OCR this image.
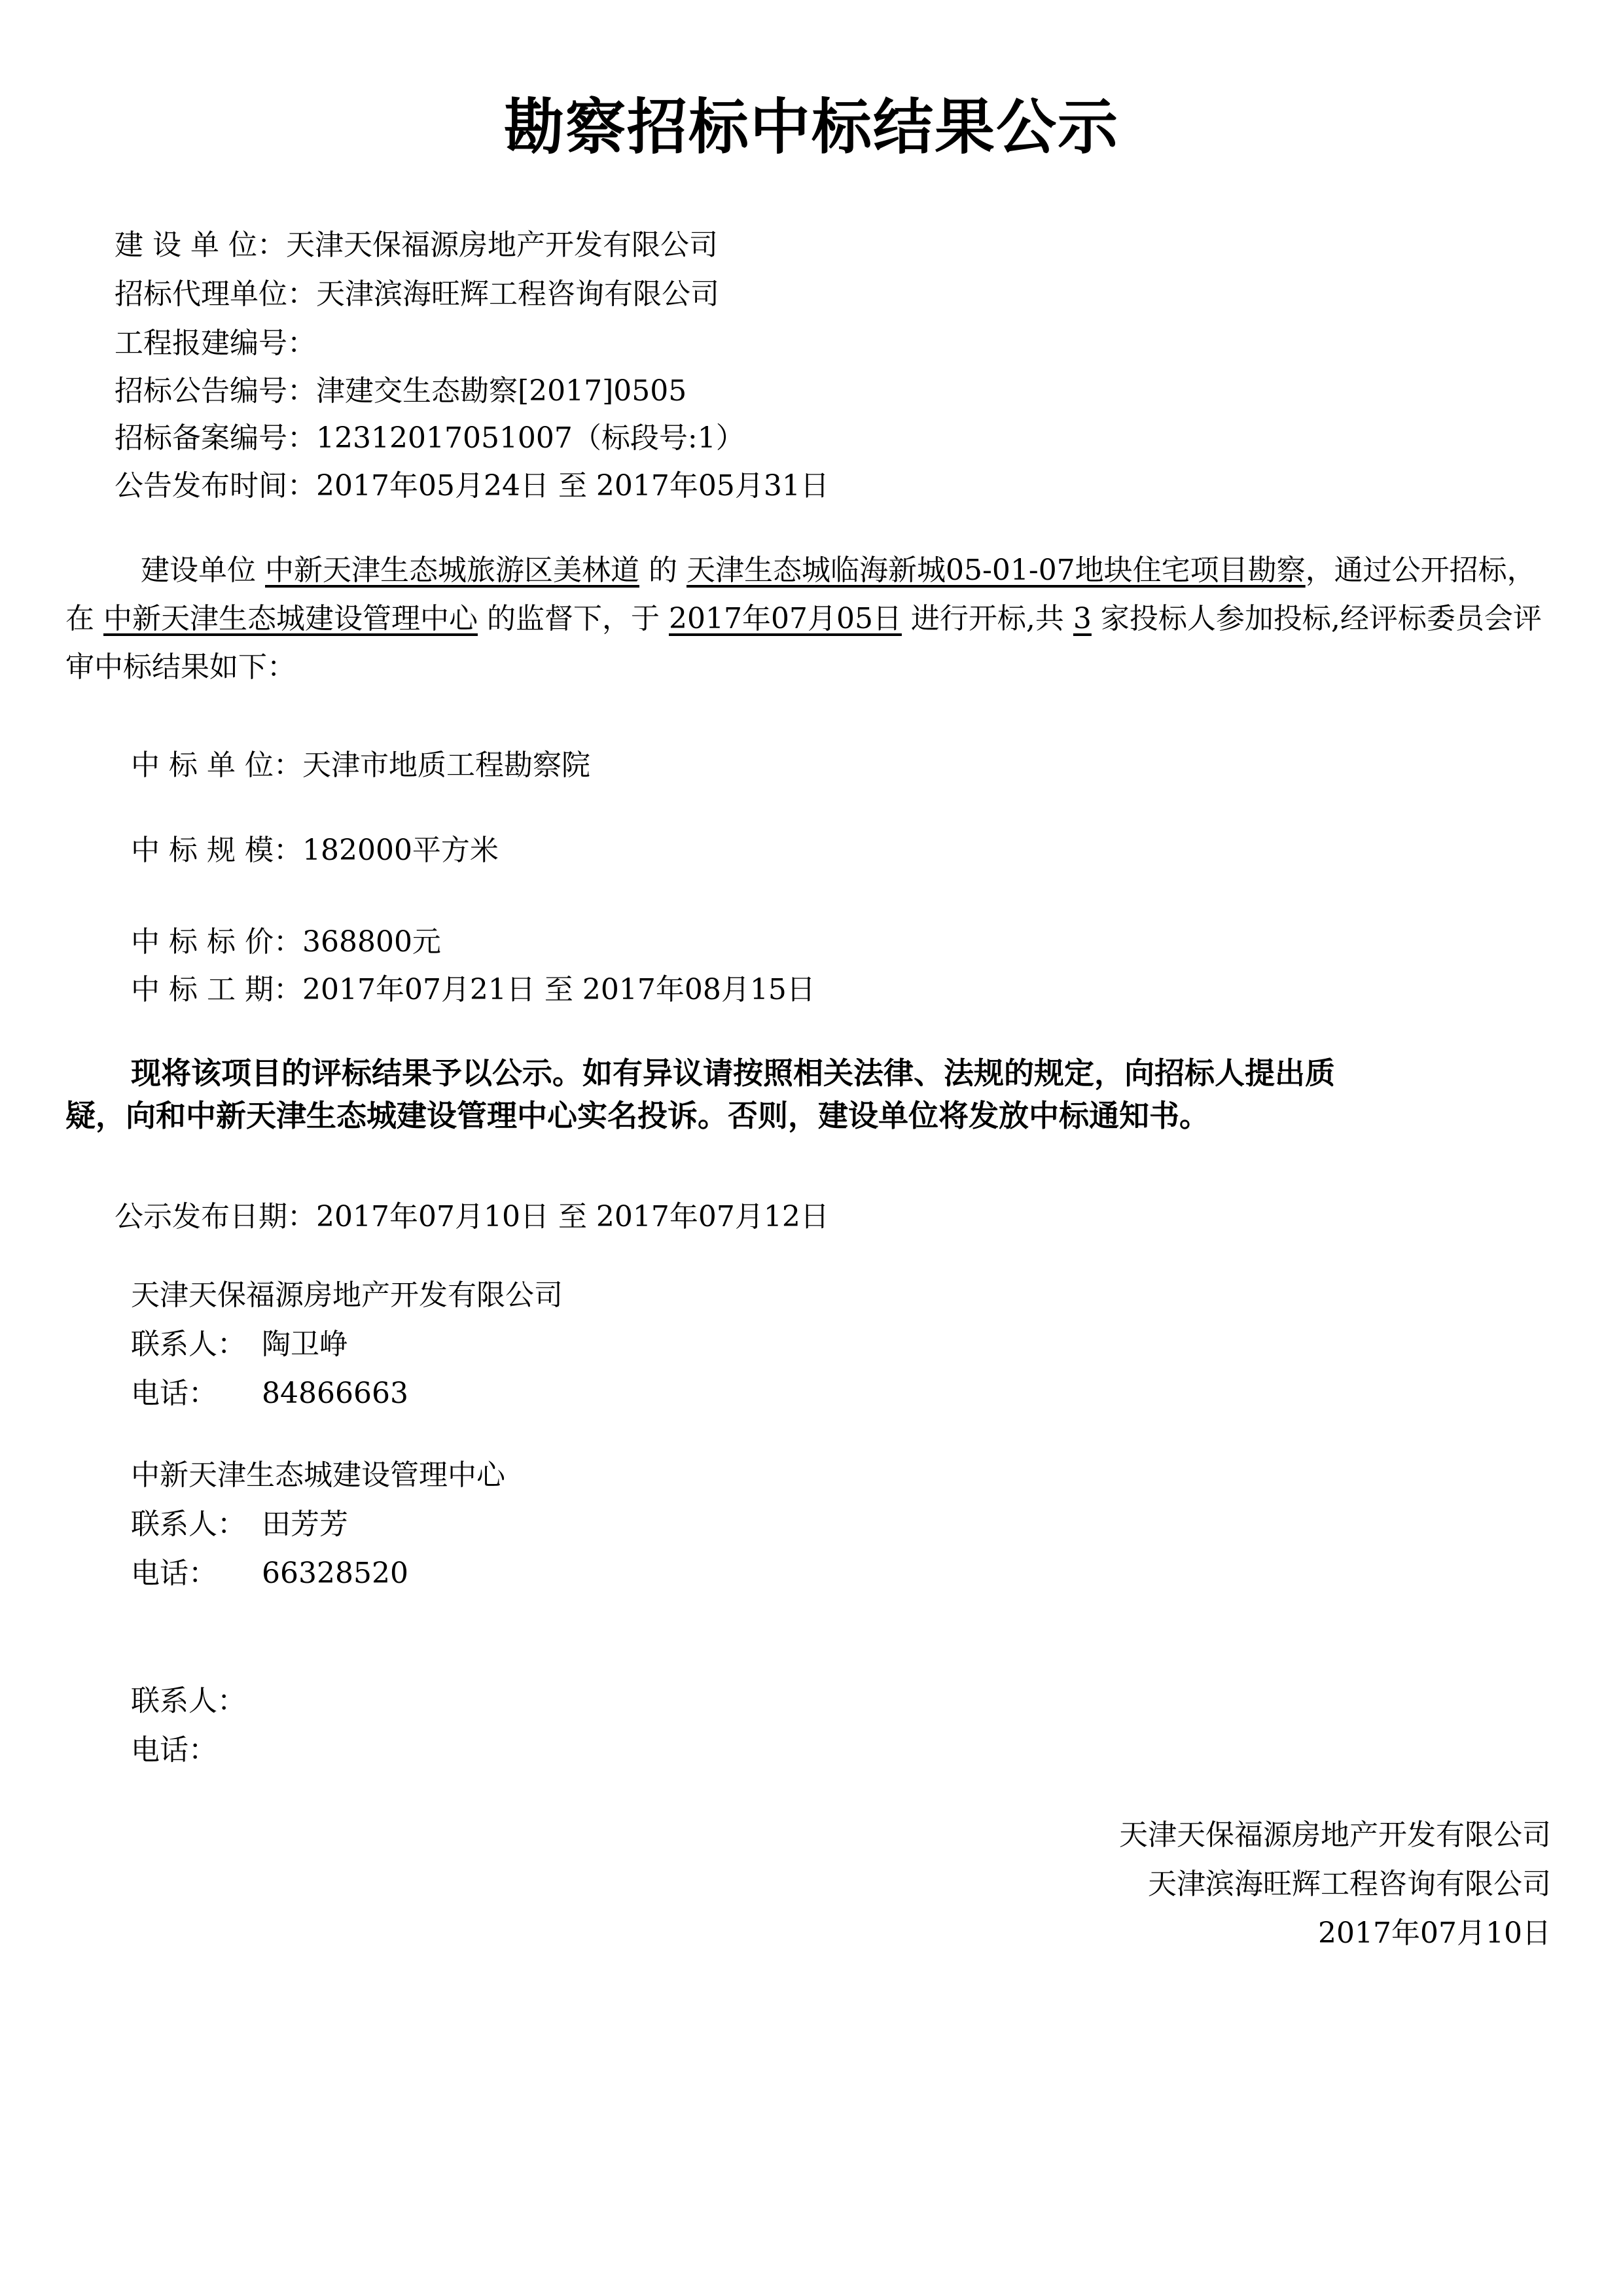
勘察招标中标结果公示
建 设 单 位：天津天保福源房地产开发有限公司
招标代理单位：天津滨海旺辉工程咨询有限公司
工程报建编号：
招标公告编号：津建交生态勘察[2017]0505
招标备案编号：12312017051007（标段号:1）
公告发布时间：2017年05月24日 至 2017年05月31日
建设单位 中新天津生态城旅游区美林道 的 天津生态城临海新城05-01-07地块住宅项目勘察，通过公开招标，在 中新天津生态城建设管理中心 的监督下，于 2017年07月05日 进行开标,共 3 家投标人参加投标,经评标委员会评审中标结果如下：
中 标 单 位：天津市地质工程勘察院
中 标 规 模：182000平方米
中 标 标 价：368800元
中 标 工 期：2017年07月21日 至 2017年08月15日
现将该项目的评标结果予以公示。如有异议请按照相关法律、法规的规定，向招标人提出质
疑，向和中新天津生态城建设管理中心实名投诉。否则，建设单位将发放中标通知书。
公示发布日期：2017年07月10日 至 2017年07月12日
天津天保福源房地产开发有限公司
联系人： 陶卫峥
电话： 84866663
中新天津生态城建设管理中心
联系人： 田芳芳
电话： 66328520
联系人：
电话：
天津天保福源房地产开发有限公司
天津滨海旺辉工程咨询有限公司
2017年07月10日
